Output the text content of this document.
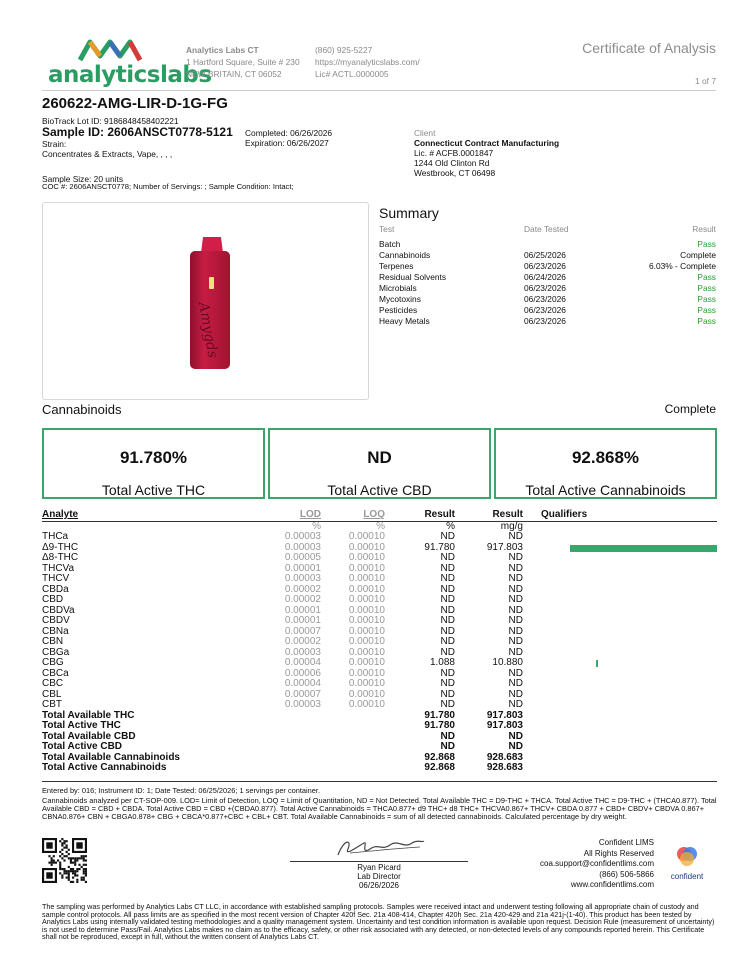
analyticslabs
Analytics Labs CT
1 Hartford Square, Suite # 230
NEW BRITAIN, CT 06052
(860) 925-5227
https://myanalyticslabs.com/
Lic# ACTL.0000005
Certificate of Analysis
1 of 7
260622-AMG-LIR-D-1G-FG
BioTrack Lot ID: 9186848458402221
Sample ID: 2606ANSCT0778-5121
Strain:
Concentrates & Extracts, Vape, , , ,
Completed: 06/26/2026
Expiration: 06/26/2027
Client
Connecticut Contract Manufacturing
Lic. # ACFB.0001847
1244 Old Clinton Rd
Westbrook, CT 06498
Sample Size: 20 units
COC #: 2606ANSCT0778; Number of Servings: ; Sample Condition: Intact;
Amygds
Summary
Test	Date Tested	Result
Batch		Pass
Cannabinoids	06/25/2026	Complete
Terpenes	06/23/2026	6.03% - Complete
Residual Solvents	06/24/2026	Pass
Microbials	06/23/2026	Pass
Mycotoxins	06/23/2026	Pass
Pesticides	06/23/2026	Pass
Heavy Metals	06/23/2026	Pass
Cannabinoids	Complete
91.780%
Total Active THC
ND
Total Active CBD
92.868%
Total Active Cannabinoids
Analyte	LOD	LOQ	Result	Result	Qualifiers
	%	%	%	mg/g	
THCa	0.00003	0.00010	ND	ND	
Δ9-THC	0.00003	0.00010	91.780	917.803	

Δ8-THC	0.00005	0.00010	ND	ND	
THCVa	0.00001	0.00010	ND	ND	
THCV	0.00003	0.00010	ND	ND	
CBDa	0.00002	0.00010	ND	ND	
CBD	0.00002	0.00010	ND	ND	
CBDVa	0.00001	0.00010	ND	ND	
CBDV	0.00001	0.00010	ND	ND	
CBNa	0.00007	0.00010	ND	ND	
CBN	0.00002	0.00010	ND	ND	
CBGa	0.00003	0.00010	ND	ND	
CBG	0.00004	0.00010	1.088	10.880	

CBCa	0.00006	0.00010	ND	ND	
CBC	0.00004	0.00010	ND	ND	
CBL	0.00007	0.00010	ND	ND	
CBT	0.00003	0.00010	ND	ND	
Total Available THC			91.780	917.803	
Total Active THC			91.780	917.803	
Total Available CBD			ND	ND	
Total Active CBD			ND	ND	
Total Available Cannabinoids			92.868	928.683	
Total Active Cannabinoids			92.868	928.683	
Entered by: 016; Instrument ID: 1; Date Tested: 06/25/2026; 1 servings per container.
Cannabinoids analyzed per CT-SOP-009. LOD= Limit of Detection, LOQ = Limit of Quantitation, ND = Not Detected. Total Available THC = D9-THC + THCA. Total Active THC = D9-THC + (THCA0.877). Total Available CBD = CBD + CBDA. Total Active CBD = CBD +(CBDA0.877). Total Active Cannabinoids = THCA0.877+ d9 THC+ d8 THC+ THCVA0.867+ THCV+ CBDA 0.877 + CBD+ CBDV+ CBDVA 0.867+ CBNA0.876+ CBN + CBGA0.878+ CBG + CBCA*0.877+CBC + CBL+ CBT. Total Available Cannabinoids = sum of all detected cannabinoids. Calculated percentage by dry weight.
Ryan Picard
Lab Director
06/26/2026
Confident LIMS
All Rights Reserved
coa.support@confidentlims.com
(866) 506-5866
www.confidentlims.com
confident
The sampling was performed by Analytics Labs CT LLC, in accordance with established sampling protocols. Samples were received intact and underwent testing following all appropriate chain of custody and sample control protocols. All pass limits are as specified in the most recent version of Chapter 420f Sec. 21a 408-414, Chapter 420h Sec. 21a 420-429 and 21a 421j-(1-40). This product has been tested by Analytics Labs using internally validated testing methodologies and a quality management system. Uncertainty and test condition information is available upon request. Decision Rule (measurement of uncertainty) is not used to determine Pass/Fail. Analytics Labs makes no claim as to the efficacy, safety, or other risk associated with any detected, or non-detected levels of any compounds reported herein. This Certificate shall not be reproduced, except in full, without the written consent of Analytics Labs CT.
